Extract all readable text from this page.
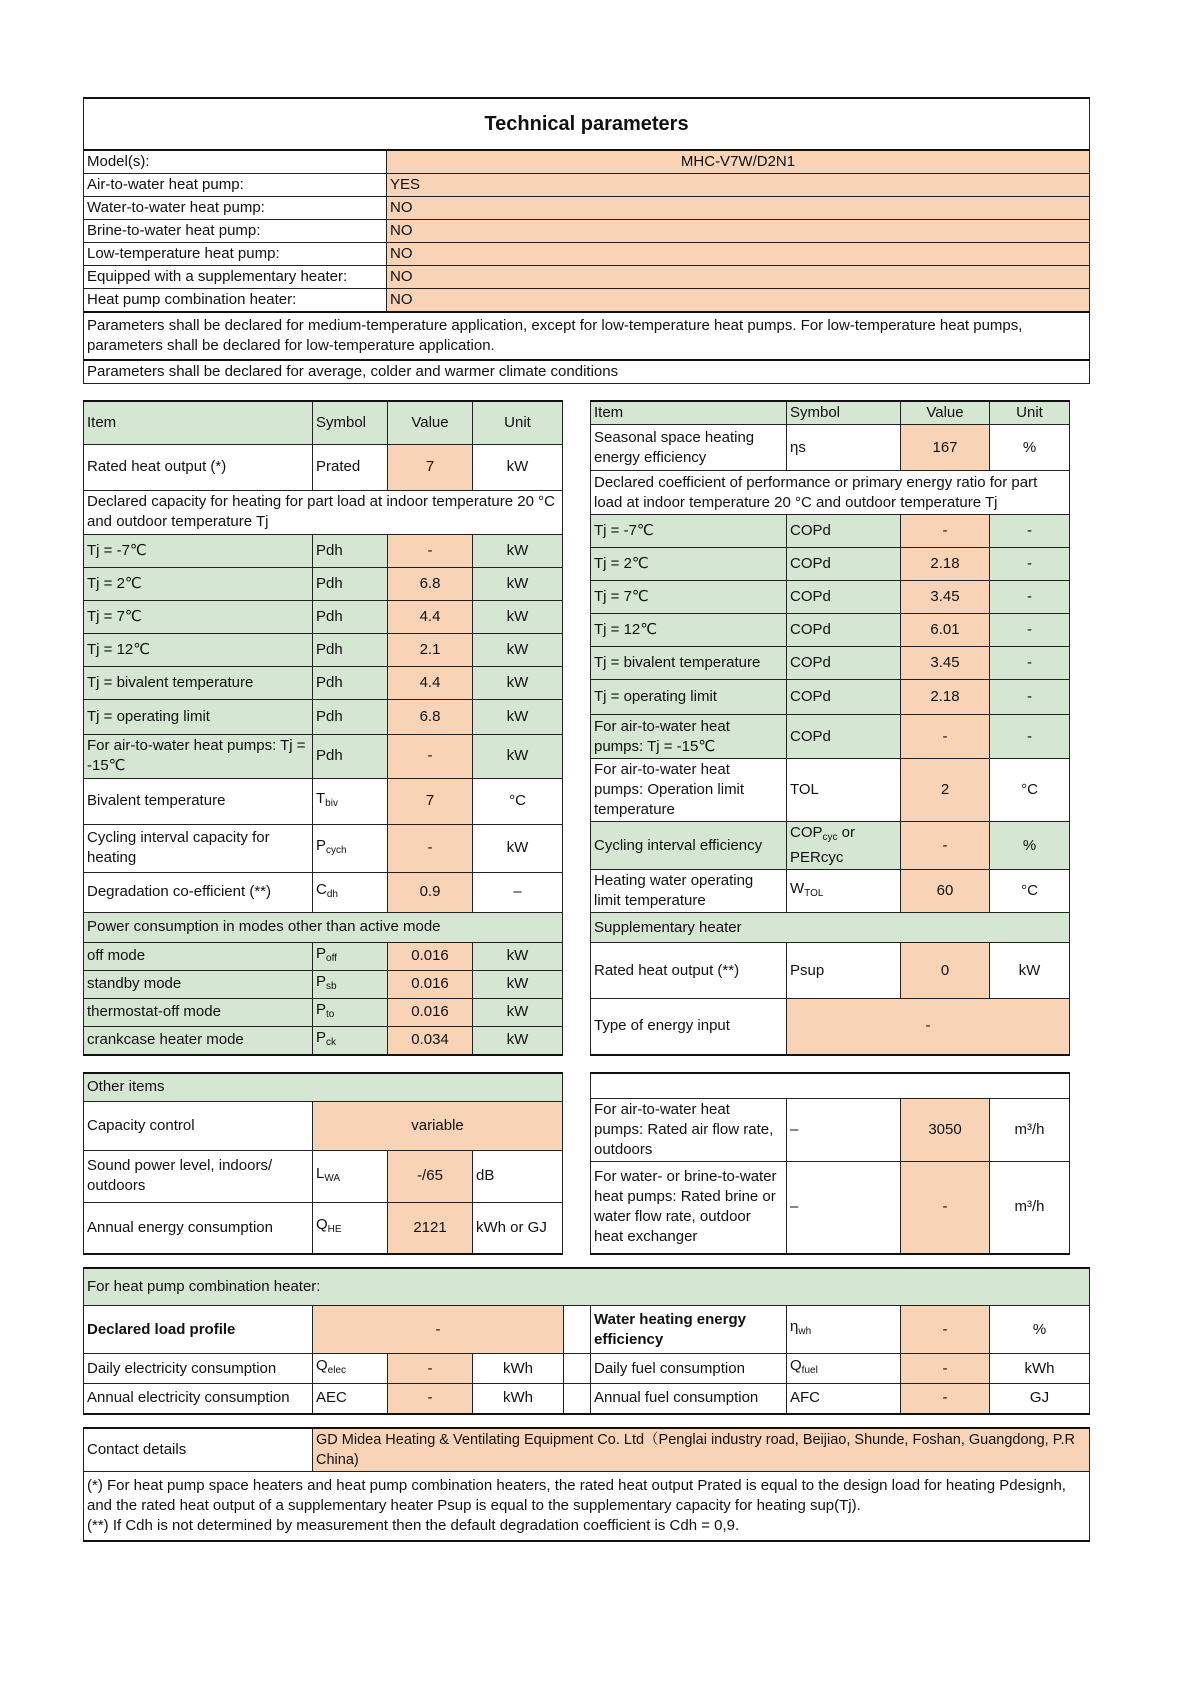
Technical parameters	
Model(s):	MHC-V7W/D2N1
Air-to-water heat pump:	YES
Water-to-water heat pump:	NO
Brine-to-water heat pump:	NO
Low-temperature heat pump:	NO
Equipped with a supplementary heater:	NO
Heat pump combination heater:	NO
Parameters shall be declared for medium-temperature application, except for low-temperature heat pumps. For low-temperature heat pumps, parameters shall be declared for low-temperature application.	
Parameters shall be declared for average, colder and warmer climate conditions	
Item	Symbol	Value	Unit
Rated heat output (*)	Prated	7	kW
Declared capacity for heating for part load at indoor temperature 20 °C and outdoor temperature Tj			
Tj = -7℃	Pdh	-	kW
Tj = 2℃	Pdh	6.8	kW
Tj = 7℃	Pdh	4.4	kW
Tj = 12℃	Pdh	2.1	kW
Tj = bivalent temperature	Pdh	4.4	kW
Tj = operating limit	Pdh	6.8	kW
For air-to-water heat pumps: Tj = -15℃	Pdh	-	kW
Bivalent temperature	$T_{biv}$	7	°C
Cycling interval capacity for heating	$P_{cych}$	-	kW
Degradation co-efficient (**)	$C_{dh}$	0.9	–
Power consumption in modes other than active mode			
off mode	$P_{off}$	0.016	kW
standby mode	$P_{sb}$	0.016	kW
thermostat-off mode	$P_{to}$	0.016	kW
crankcase heater mode	$P_{ck}$	0.034	kW
Item	Symbol	Value	Unit
Seasonal space heating energy efficiency	ηs	167	%
Declared coefficient of performance or primary energy ratio for part load at indoor temperature 20 °C and outdoor temperature Tj			
Tj = -7℃	COPd	-	-
Tj = 2℃	COPd	2.18	-
Tj = 7℃	COPd	3.45	-
Tj = 12℃	COPd	6.01	-
Tj = bivalent temperature	COPd	3.45	-
Tj = operating limit	COPd	2.18	-
For air-to-water heat pumps: Tj = -15℃	COPd	-	-
For air-to-water heat pumps: Operation limit temperature	TOL	2	°C
Cycling interval efficiency	$COP_{cyc}$ or PERcyc	-	%
Heating water operating limit temperature	$W_{TOL}$	60	°C
Supplementary heater			
Rated heat output (**)	Psup	0	kW
Type of energy input	-		
Other items			
Capacity control	variable		
Sound power level, indoors/ outdoors	$L_{WA}$	-/65	dB
Annual energy consumption	$Q_{HE}$	2121	kWh or GJ

For air-to-water heat pumps: Rated air flow rate, outdoors	–	3050	m³/h
For water- or brine-to-water heat pumps: Rated brine or water flow rate, outdoor heat exchanger	–	-	m³/h
For heat pump combination heater:								
Declared load profile	-				Water heating energy efficiency	$\eta_{wh}$	-	%
Daily electricity consumption	$Q_{elec}$	-	kWh		Daily fuel consumption	$Q_{fuel}$	-	kWh
Annual electricity consumption	AEC	-	kWh		Annual fuel consumption	AFC	-	GJ
Contact details	GD Midea Heating & Ventilating Equipment Co. Ltd（Penglai industry road, Beijiao, Shunde, Foshan, Guangdong, P.R China)

(*) For heat pump space heaters and heat pump combination heaters, the rated heat output Prated is equal to the design load for heating Pdesignh, and the rated heat output of a supplementary heater Psup is equal to the supplementary capacity for heating sup(Tj).
(**) If Cdh is not determined by measurement then the default degradation coefficient is Cdh = 0,9.
